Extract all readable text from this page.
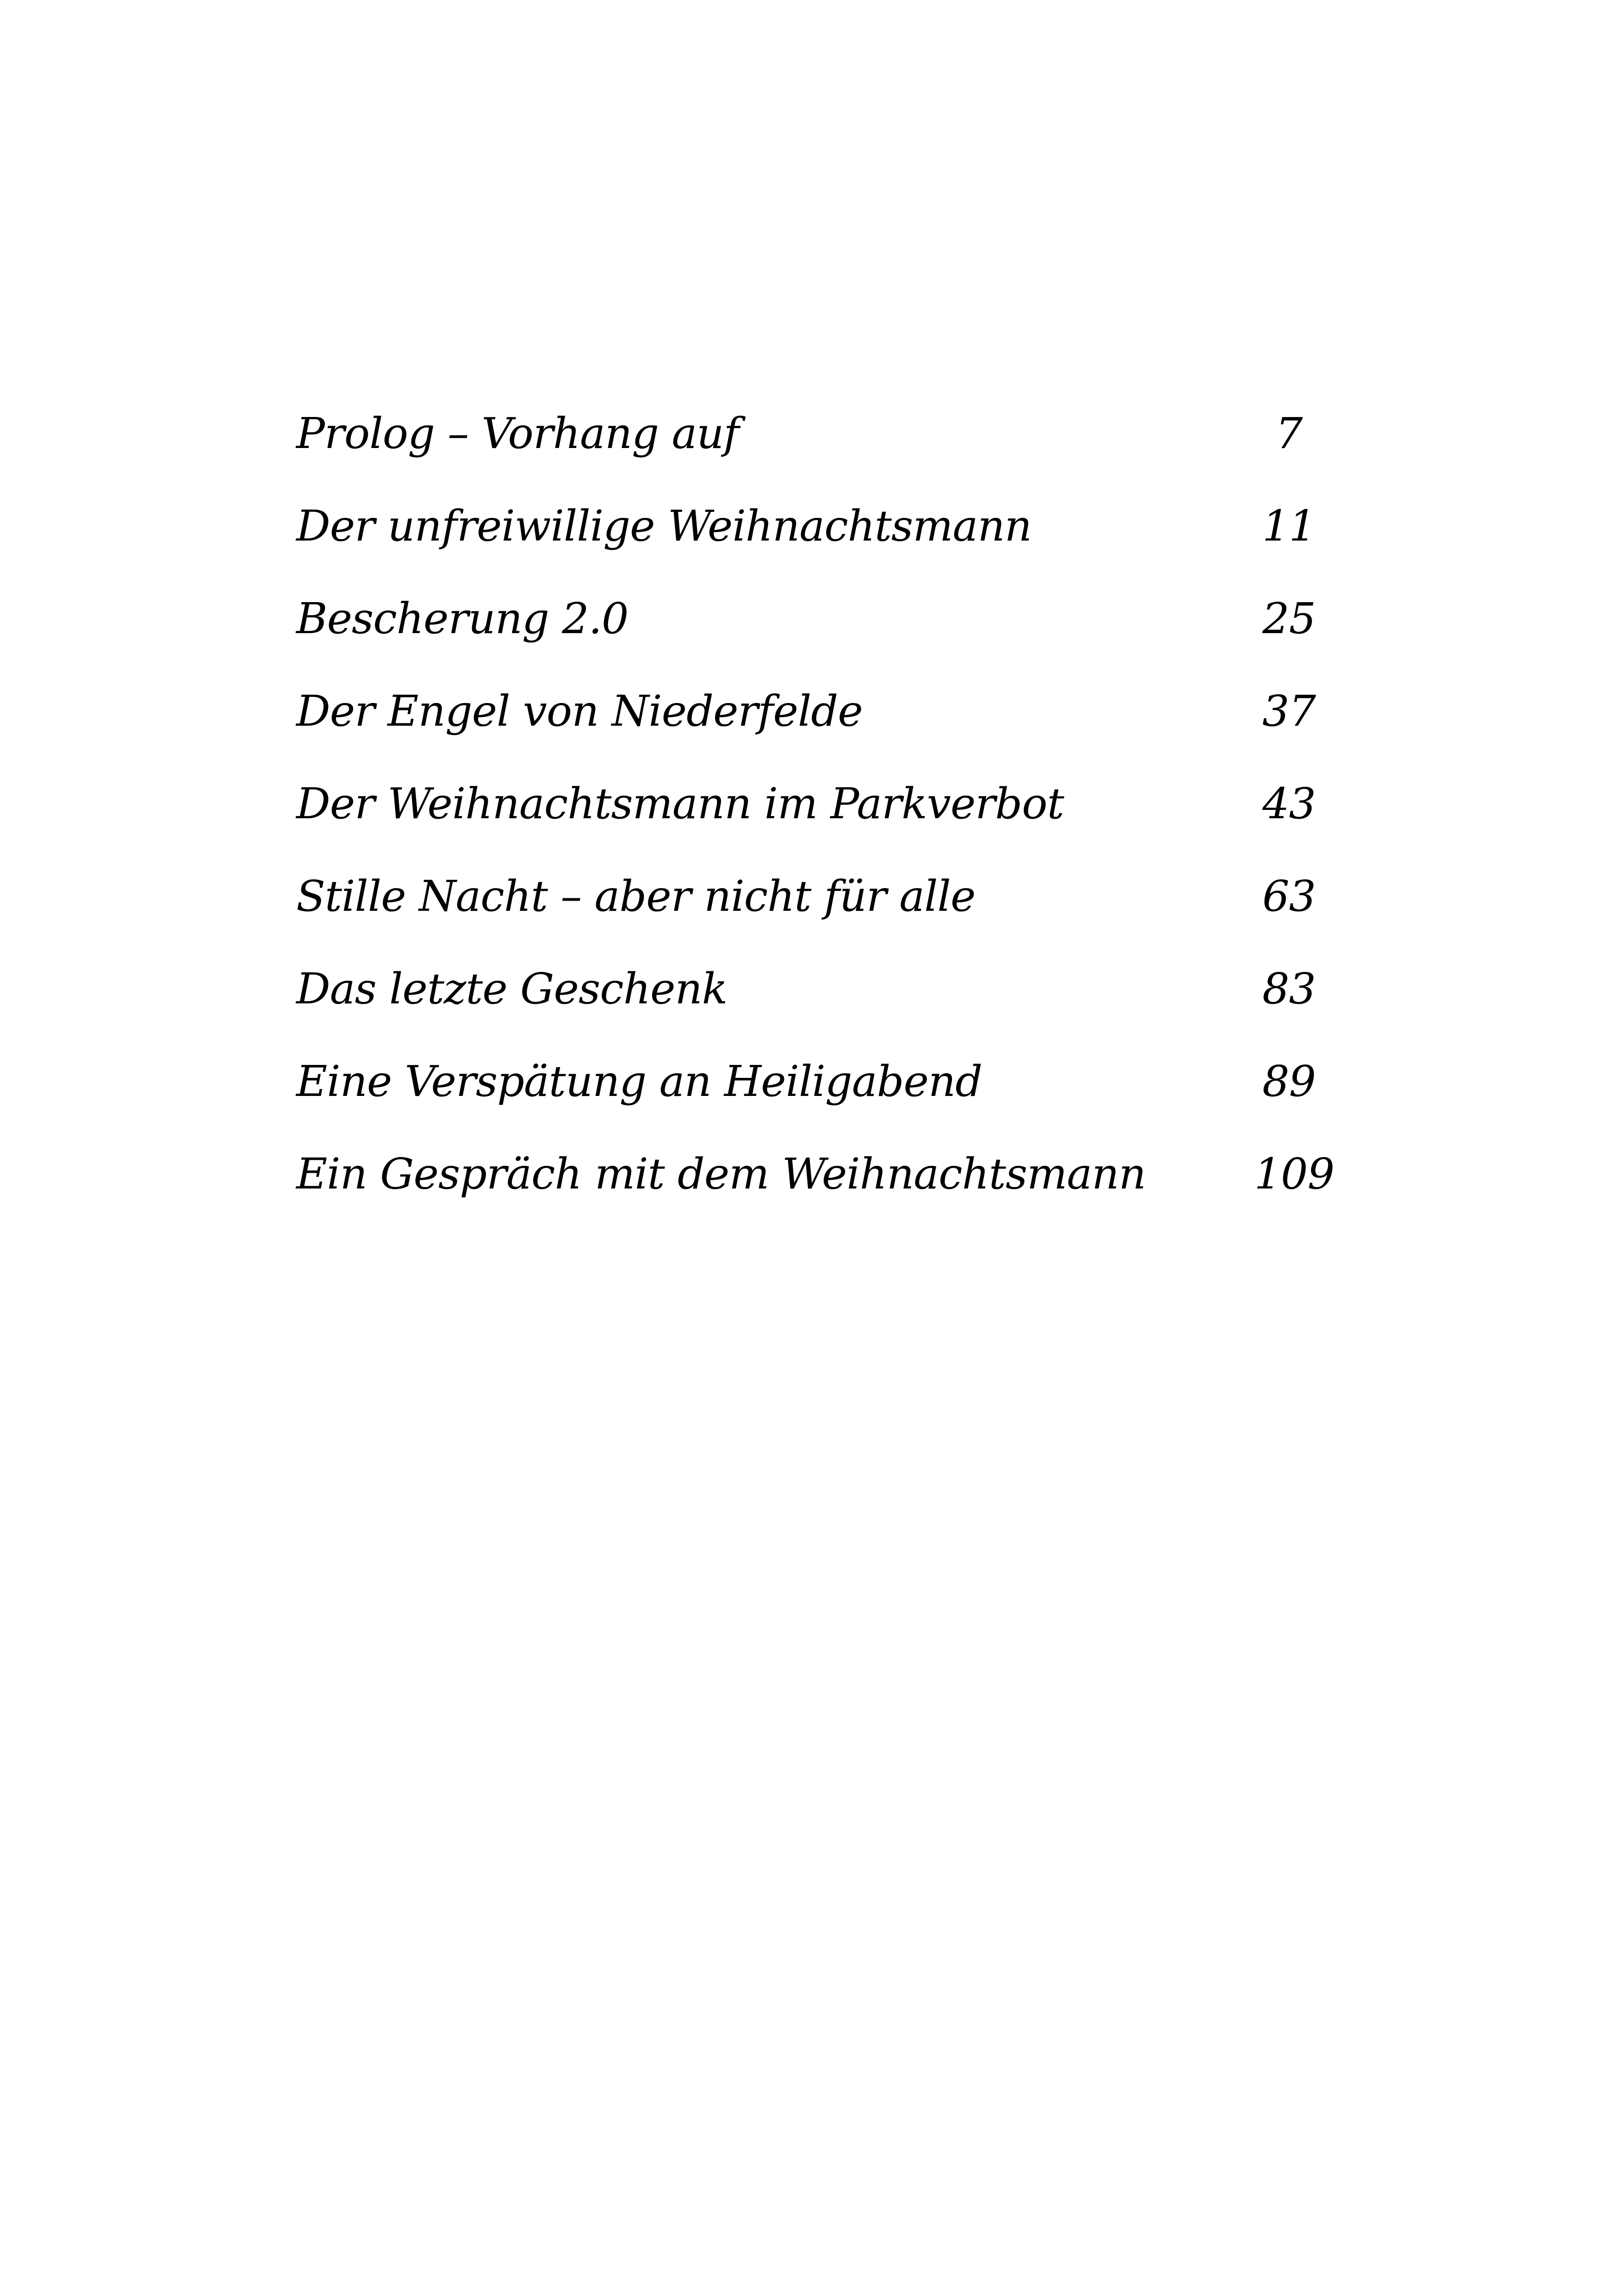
Prolog – Vorhang auf	7
Der unfreiwillige Weihnachtsmann	11
Bescherung 2.0	25
Der Engel von Niederfelde	37
Der Weihnachtsmann im Parkverbot	43
Stille Nacht – aber nicht für alle	63
Das letzte Geschenk	83
Eine Verspätung an Heiligabend	89
Ein Gespräch mit dem Weihnachtsmann	109
